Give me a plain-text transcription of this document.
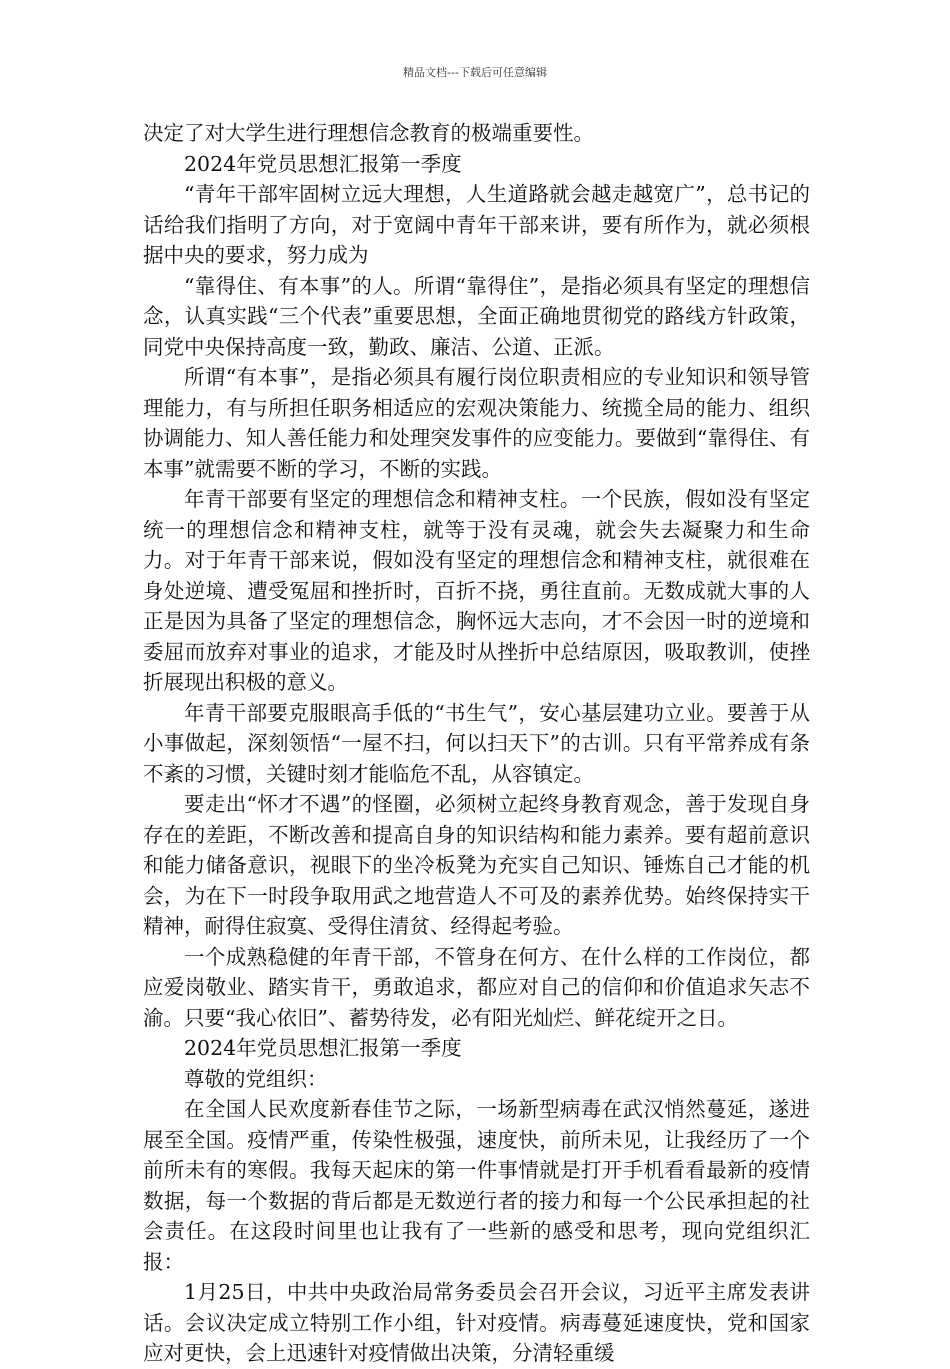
精品文档---下载后可任意编辑

决定了对大学生进行理想信念教育的极端重要性。

2024年党员思想汇报第一季度

“青年干部牢固树立远大理想，人生道路就会越走越宽广”，总书记的话给我们指明了方向，对于宽阔中青年干部来讲，要有所作为，就必须根据中央的要求，努力成为

“靠得住、有本事”的人。所谓“靠得住”，是指必须具有坚定的理想信念，认真实践“三个代表”重要思想，全面正确地贯彻党的路线方针政策，同党中央保持高度一致，勤政、廉洁、公道、正派。

所谓“有本事”，是指必须具有履行岗位职责相应的专业知识和领导管理能力，有与所担任职务相适应的宏观决策能力、统揽全局的能力、组织协调能力、知人善任能力和处理突发事件的应变能力。要做到“靠得住、有本事”就需要不断的学习，不断的实践。

年青干部要有坚定的理想信念和精神支柱。一个民族，假如没有坚定统一的理想信念和精神支柱，就等于没有灵魂，就会失去凝聚力和生命力。对于年青干部来说，假如没有坚定的理想信念和精神支柱，就很难在身处逆境、遭受冤屈和挫折时，百折不挠，勇往直前。无数成就大事的人正是因为具备了坚定的理想信念，胸怀远大志向，才不会因一时的逆境和委屈而放弃对事业的追求，才能及时从挫折中总结原因，吸取教训，使挫折展现出积极的意义。

年青干部要克服眼高手低的“书生气”，安心基层建功立业。要善于从小事做起，深刻领悟“一屋不扫，何以扫天下”的古训。只有平常养成有条不紊的习惯，关键时刻才能临危不乱，从容镇定。

要走出“怀才不遇”的怪圈，必须树立起终身教育观念，善于发现自身存在的差距，不断改善和提高自身的知识结构和能力素养。要有超前意识和能力储备意识，视眼下的坐冷板凳为充实自己知识、锤炼自己才能的机会，为在下一时段争取用武之地营造人不可及的素养优势。始终保持实干精神，耐得住寂寞、受得住清贫、经得起考验。

一个成熟稳健的年青干部，不管身在何方、在什么样的工作岗位，都应爱岗敬业、踏实肯干，勇敢追求，都应对自己的信仰和价值追求矢志不渝。只要“我心依旧”、蓄势待发，必有阳光灿烂、鲜花绽开之日。

2024年党员思想汇报第一季度

尊敬的党组织：

在全国人民欢度新春佳节之际，一场新型病毒在武汉悄然蔓延，遂进展至全国。疫情严重，传染性极强，速度快，前所未见，让我经历了一个前所未有的寒假。我每天起床的第一件事情就是打开手机看看最新的疫情数据，每一个数据的背后都是无数逆行者的接力和每一个公民承担起的社会责任。在这段时间里也让我有了一些新的感受和思考，现向党组织汇报：

1月25日，中共中央政治局常务委员会召开会议，习近平主席发表讲话。会议决定成立特别工作小组，针对疫情。病毒蔓延速度快，党和国家应对更快，会上迅速针对疫情做出决策，分清轻重缓
